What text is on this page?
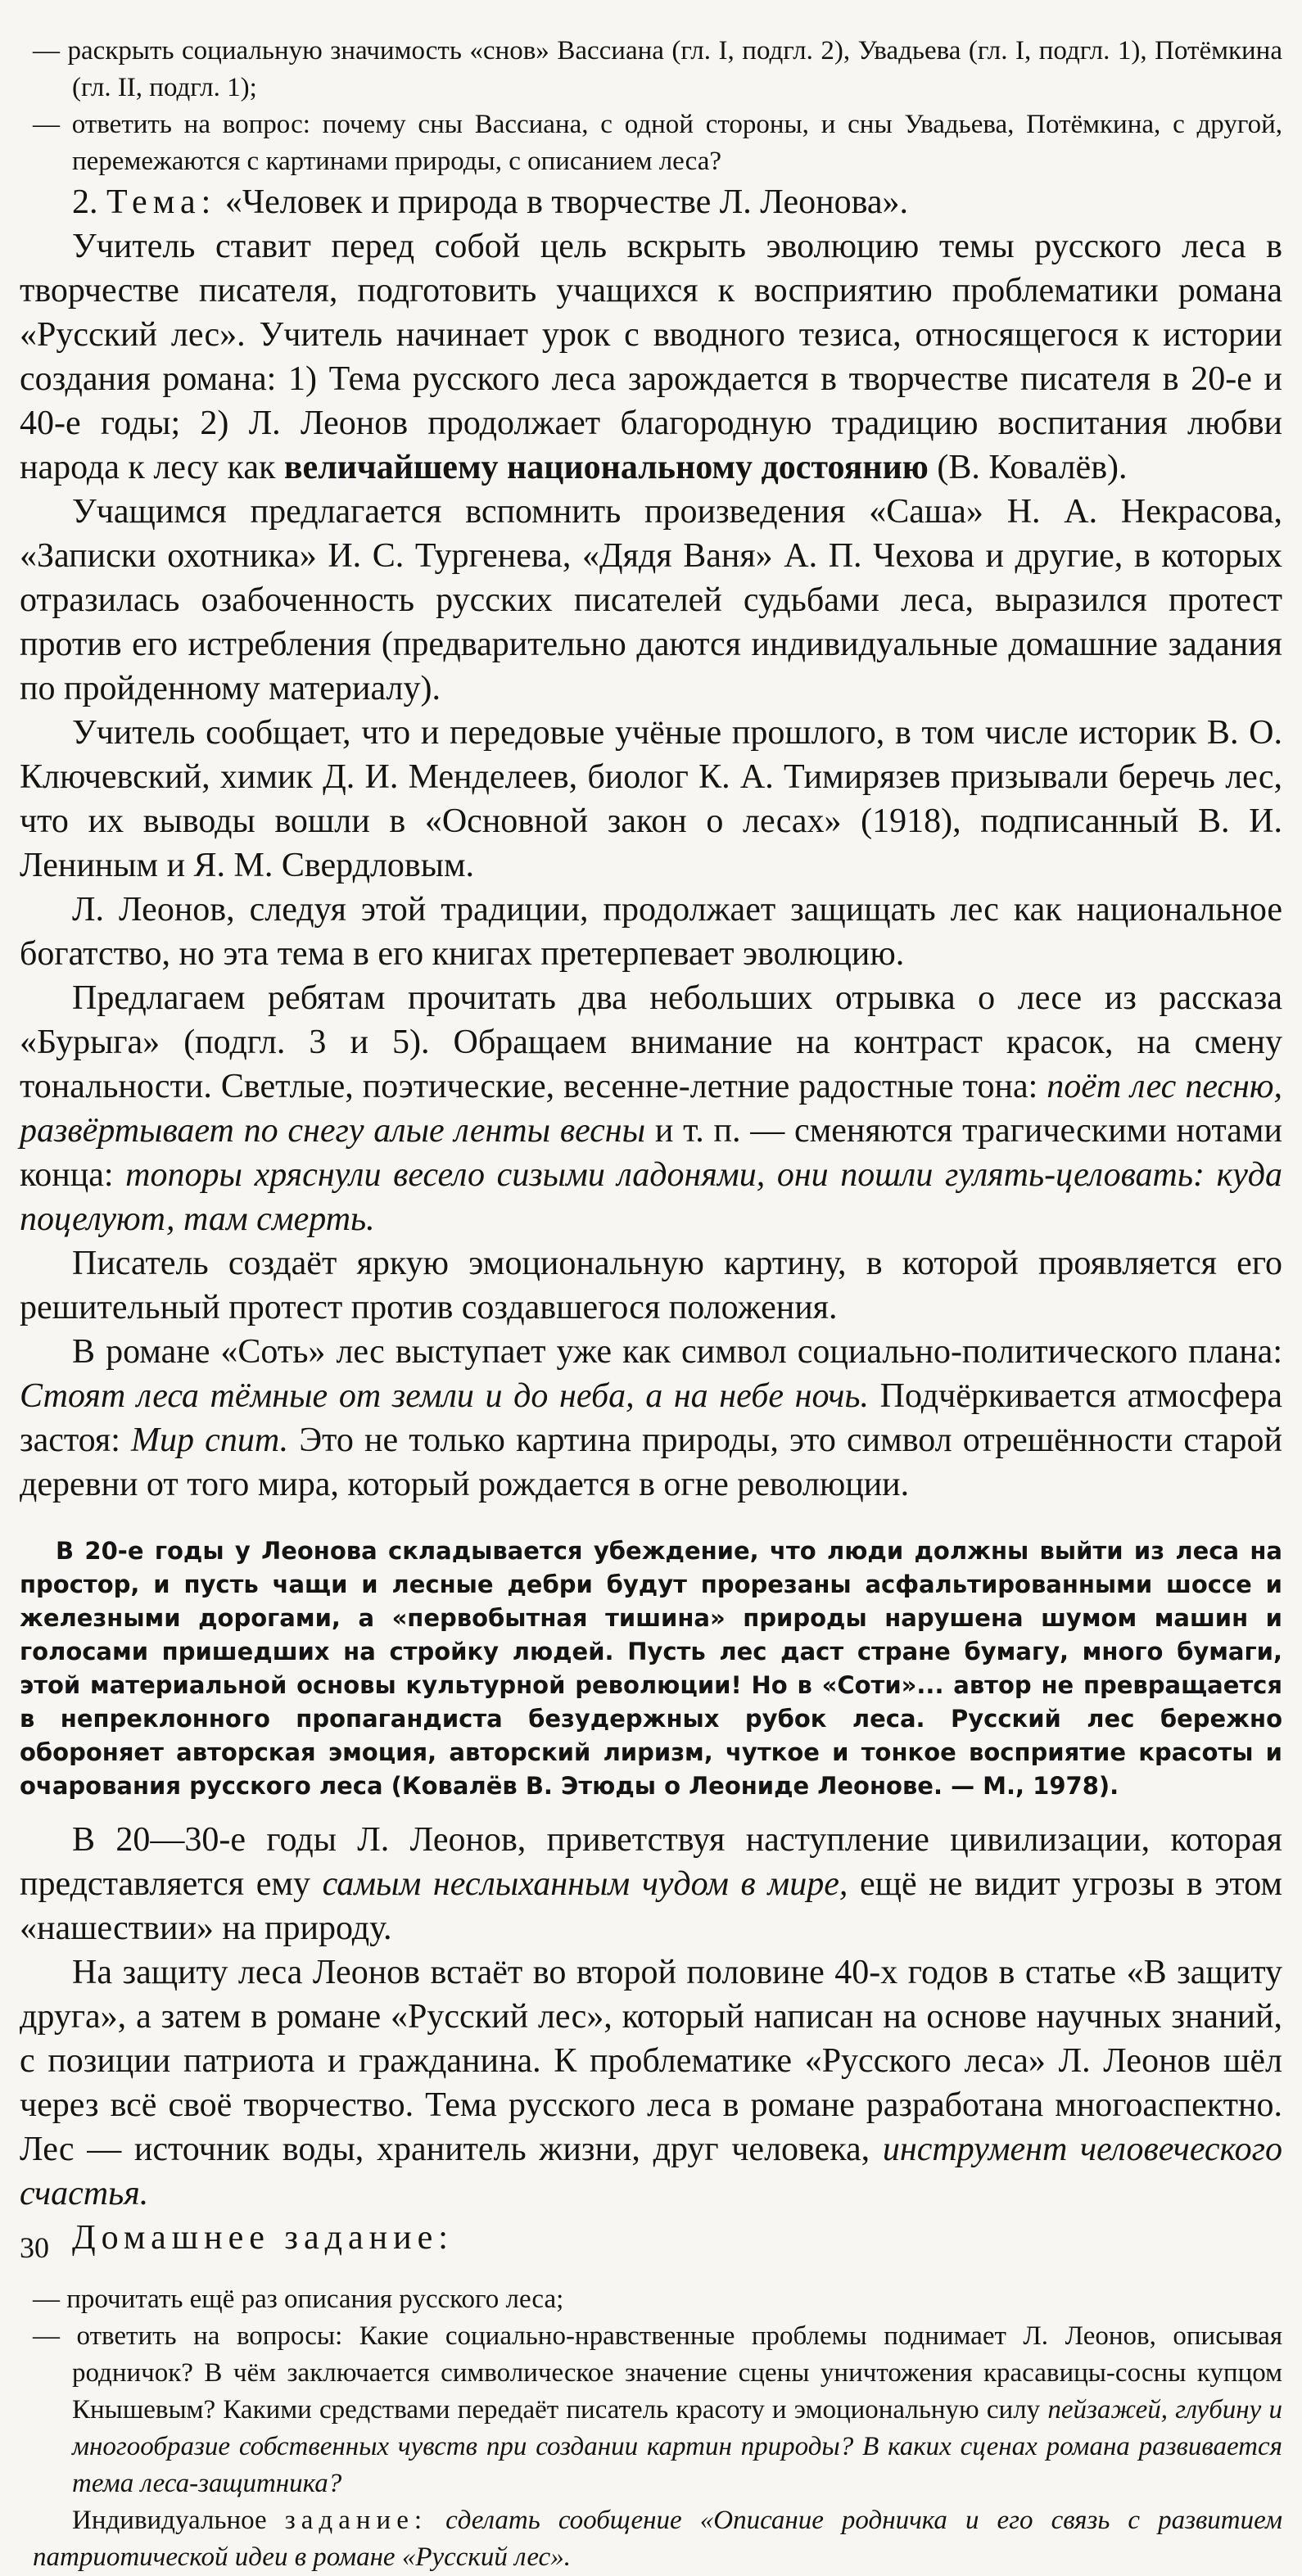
— раскрыть социальную значимость «снов» Вассиана (гл. I, подгл. 2), Увадьева (гл. I, подгл. 1), Потёмкина (гл. II, подгл. 1);

— ответить на вопрос: почему сны Вассиана, с одной стороны, и сны Увадьева, Потёмкина, с другой, перемежаются с картинами природы, с описанием леса?

2. Тема: «Человек и природа в творчестве Л. Леонова».

Учитель ставит перед собой цель вскрыть эволюцию темы русского леса в творчестве писателя, подготовить учащихся к восприятию проблематики романа «Русский лес». Учитель начинает урок с вводного тезиса, относящегося к истории создания романа: 1) Тема русского леса зарождается в творчестве писателя в 20-е и 40-е годы; 2) Л. Леонов продолжает благородную традицию воспитания любви народа к лесу как величайшему национальному достоянию (В. Ковалёв).

Учащимся предлагается вспомнить произведения «Саша» Н. А. Некрасова, «Записки охотника» И. С. Тургенева, «Дядя Ваня» А. П. Чехова и другие, в которых отразилась озабоченность русских писателей судьбами леса, выразился протест против его истребления (предварительно даются индивидуальные домашние задания по пройденному материалу).

Учитель сообщает, что и передовые учёные прошлого, в том числе историк В. О. Ключевский, химик Д. И. Менделеев, биолог К. А. Тимирязев призывали беречь лес, что их выводы вошли в «Основной закон о лесах» (1918), подписанный В. И. Лениным и Я. М. Свердловым.

Л. Леонов, следуя этой традиции, продолжает защищать лес как национальное богатство, но эта тема в его книгах претерпевает эволюцию.

Предлагаем ребятам прочитать два небольших отрывка о лесе из рассказа «Бурыга» (подгл. 3 и 5). Обращаем внимание на контраст красок, на смену тональности. Светлые, поэтические, весенне-летние радостные тона: поёт лес песню, развёртывает по снегу алые ленты весны и т. п. — сменяются трагическими нотами конца: топоры хряснули весело сизыми ладонями, они пошли гулять-целовать: куда поцелуют, там смерть.

Писатель создаёт яркую эмоциональную картину, в которой проявляется его решительный протест против создавшегося положения.

В романе «Соть» лес выступает уже как символ социально-политического плана: Стоят леса тёмные от земли и до неба, а на небе ночь. Подчёркивается атмосфера застоя: Мир спит. Это не только картина природы, это символ отрешённости старой деревни от того мира, который рождается в огне революции.

В 20-е годы у Леонова складывается убеждение, что люди должны выйти из леса на простор, и пусть чащи и лесные дебри будут прорезаны асфальтированными шоссе и железными дорогами, а «первобытная тишина» природы нарушена шумом машин и голосами пришедших на стройку людей. Пусть лес даст стране бумагу, много бумаги, этой материальной основы культурной революции! Но в «Соти»... автор не превращается в непреклонного пропагандиста безудержных рубок леса. Русский лес бережно обороняет авторская эмоция, авторский лиризм, чуткое и тонкое восприятие красоты и очарования русского леса (Ковалёв В. Этюды о Леониде Леонове. — М., 1978).

В 20—30-е годы Л. Леонов, приветствуя наступление цивилизации, которая представляется ему самым неслыханным чудом в мире, ещё не видит угрозы в этом «нашествии» на природу.

На защиту леса Леонов встаёт во второй половине 40-х годов в статье «В защиту друга», а затем в романе «Русский лес», который написан на основе научных знаний, с позиции патриота и гражданина. К проблематике «Русского леса» Л. Леонов шёл через всё своё творчество. Тема русского леса в романе разработана многоаспектно. Лес — источник воды, хранитель жизни, друг человека, инструмент человеческого счастья.

Домашнее задание:

— прочитать ещё раз описания русского леса;

— ответить на вопросы: Какие социально-нравственные проблемы поднимает Л. Леонов, описывая родничок? В чём заключается символическое значение сцены уничтожения красавицы-сосны купцом Кнышевым? Какими средствами передаёт писатель красоту и эмоциональную силу пейзажей, глубину и многообразие собственных чувств при создании картин природы? В каких сценах романа развивается тема леса-защитника?

Индивидуальное задание: сделать сообщение «Описание родничка и его связь с развитием патриотической идеи в романе «Русский лес».

30
